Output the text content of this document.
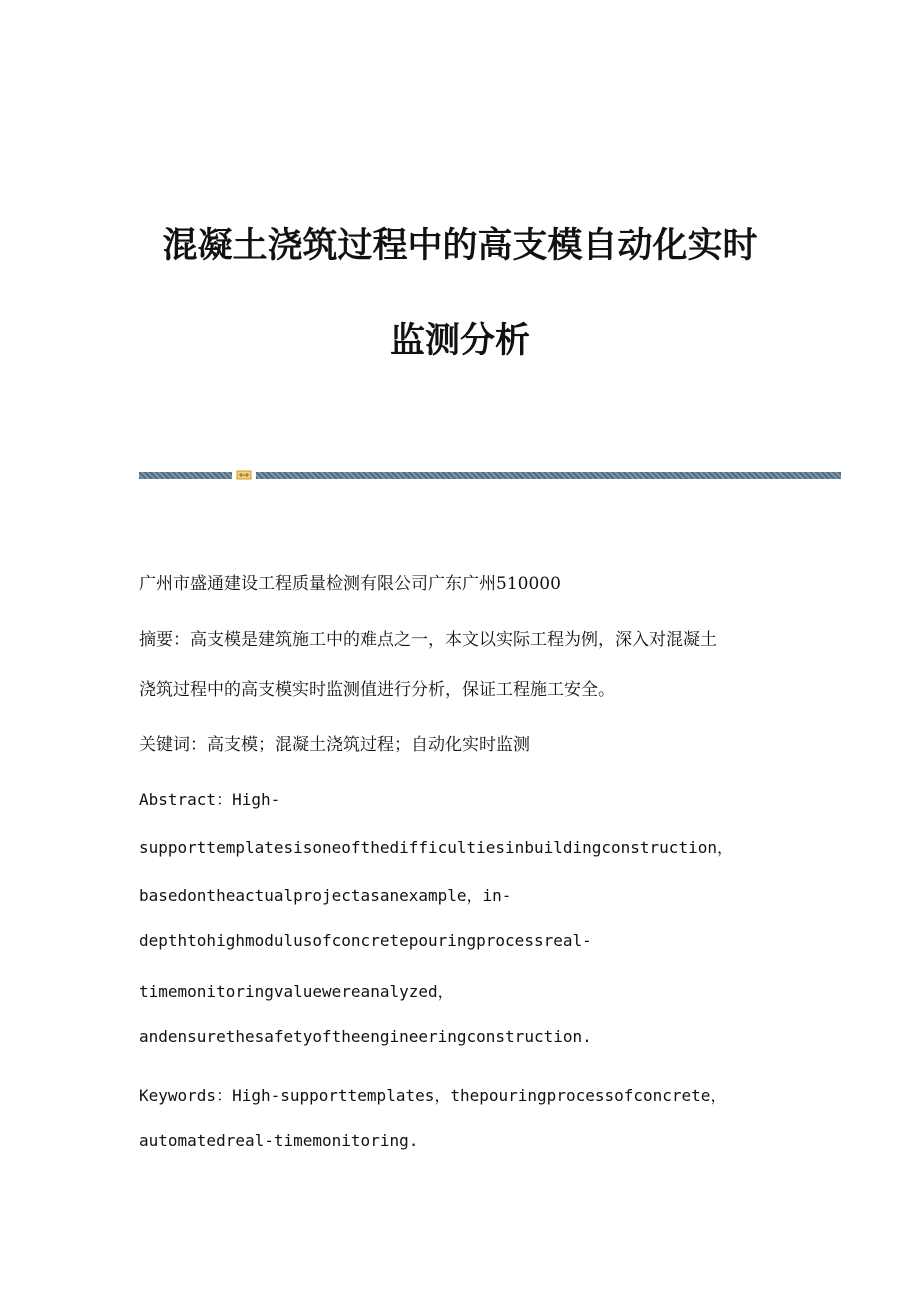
混凝土浇筑过程中的高支模自动化实时
监测分析
广州市盛通建设工程质量检测有限公司广东广州510000
摘要：高支模是建筑施工中的难点之一，本文以实际工程为例，深入对混凝土
浇筑过程中的高支模实时监测值进行分析，保证工程施工安全。
关键词：高支模；混凝土浇筑过程；自动化实时监测
Abstract：High-
supporttemplatesisoneofthedifficultiesinbuildingconstruction，
basedontheactualprojectasanexample，in-
depthtohighmodulusofconcretepouringprocessreal-
timemonitoringvaluewereanalyzed，
andensurethesafetyoftheengineeringconstruction.
Keywords：High-supporttemplates，thepouringprocessofconcrete，
automatedreal-timemonitoring.
